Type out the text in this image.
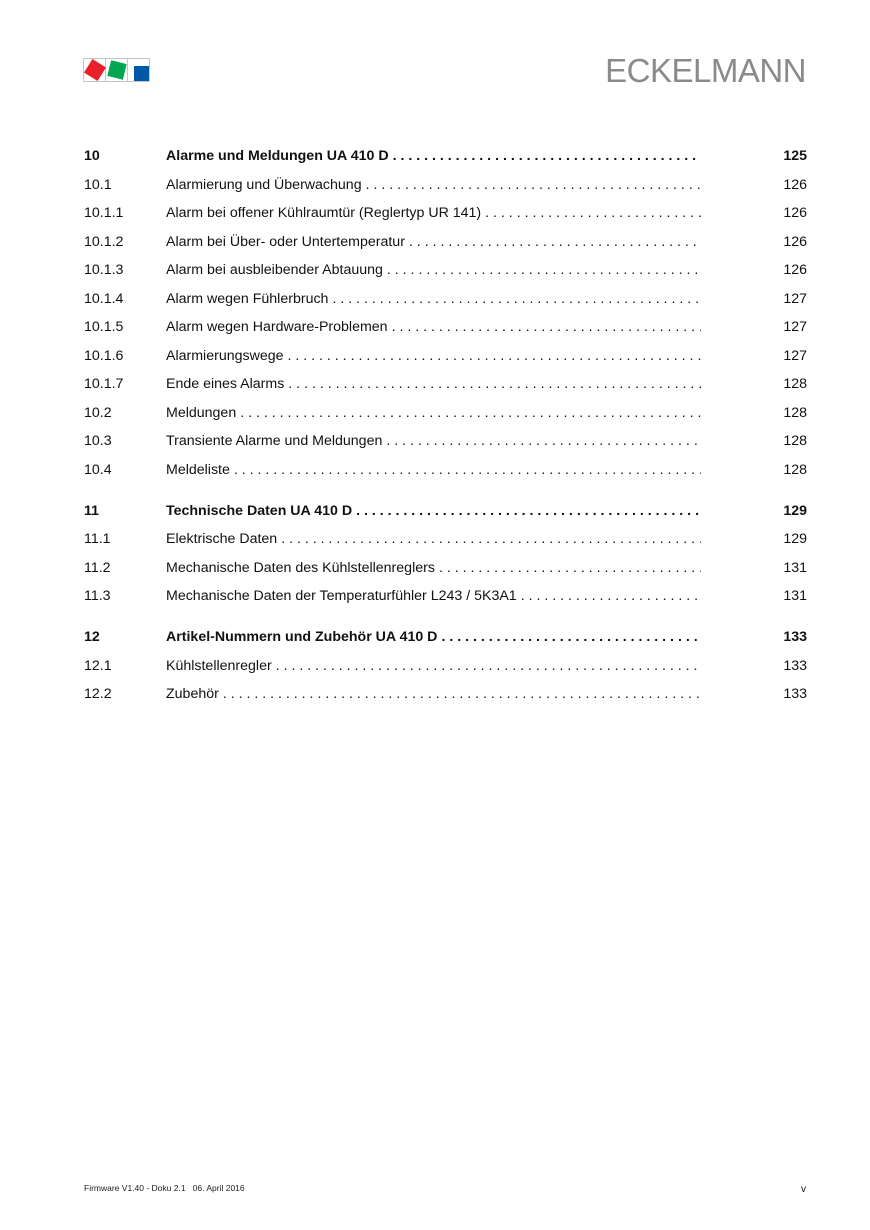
ECKELMANN
10	Alarme und Meldungen UA 410 D . . .	125
10.1	Alarmierung und Überwachung . . .	126
10.1.1	Alarm bei offener Kühlraumtür (Reglertyp UR 141) . . .	126
10.1.2	Alarm bei Über- oder Untertemperatur . . .	126
10.1.3	Alarm bei ausbleibender Abtauung . . .	126
10.1.4	Alarm wegen Fühlerbruch . . .	127
10.1.5	Alarm wegen Hardware-Problemen . . .	127
10.1.6	Alarmierungswege . . .	127
10.1.7	Ende eines Alarms . . .	128
10.2	Meldungen . . .	128
10.3	Transiente Alarme und Meldungen . . .	128
10.4	Meldeliste . . .	128
11	Technische Daten UA 410 D . . .	129
11.1	Elektrische Daten . . .	129
11.2	Mechanische Daten des Kühlstellenreglers . . .	131
11.3	Mechanische Daten der Temperaturfühler L243 / 5K3A1 . . .	131
12	Artikel-Nummern und Zubehör UA 410 D . . .	133
12.1	Kühlstellenregler . . .	133
12.2	Zubehör . . .	133
Firmware V1.40 - Doku 2.1   06. April 2016	v
